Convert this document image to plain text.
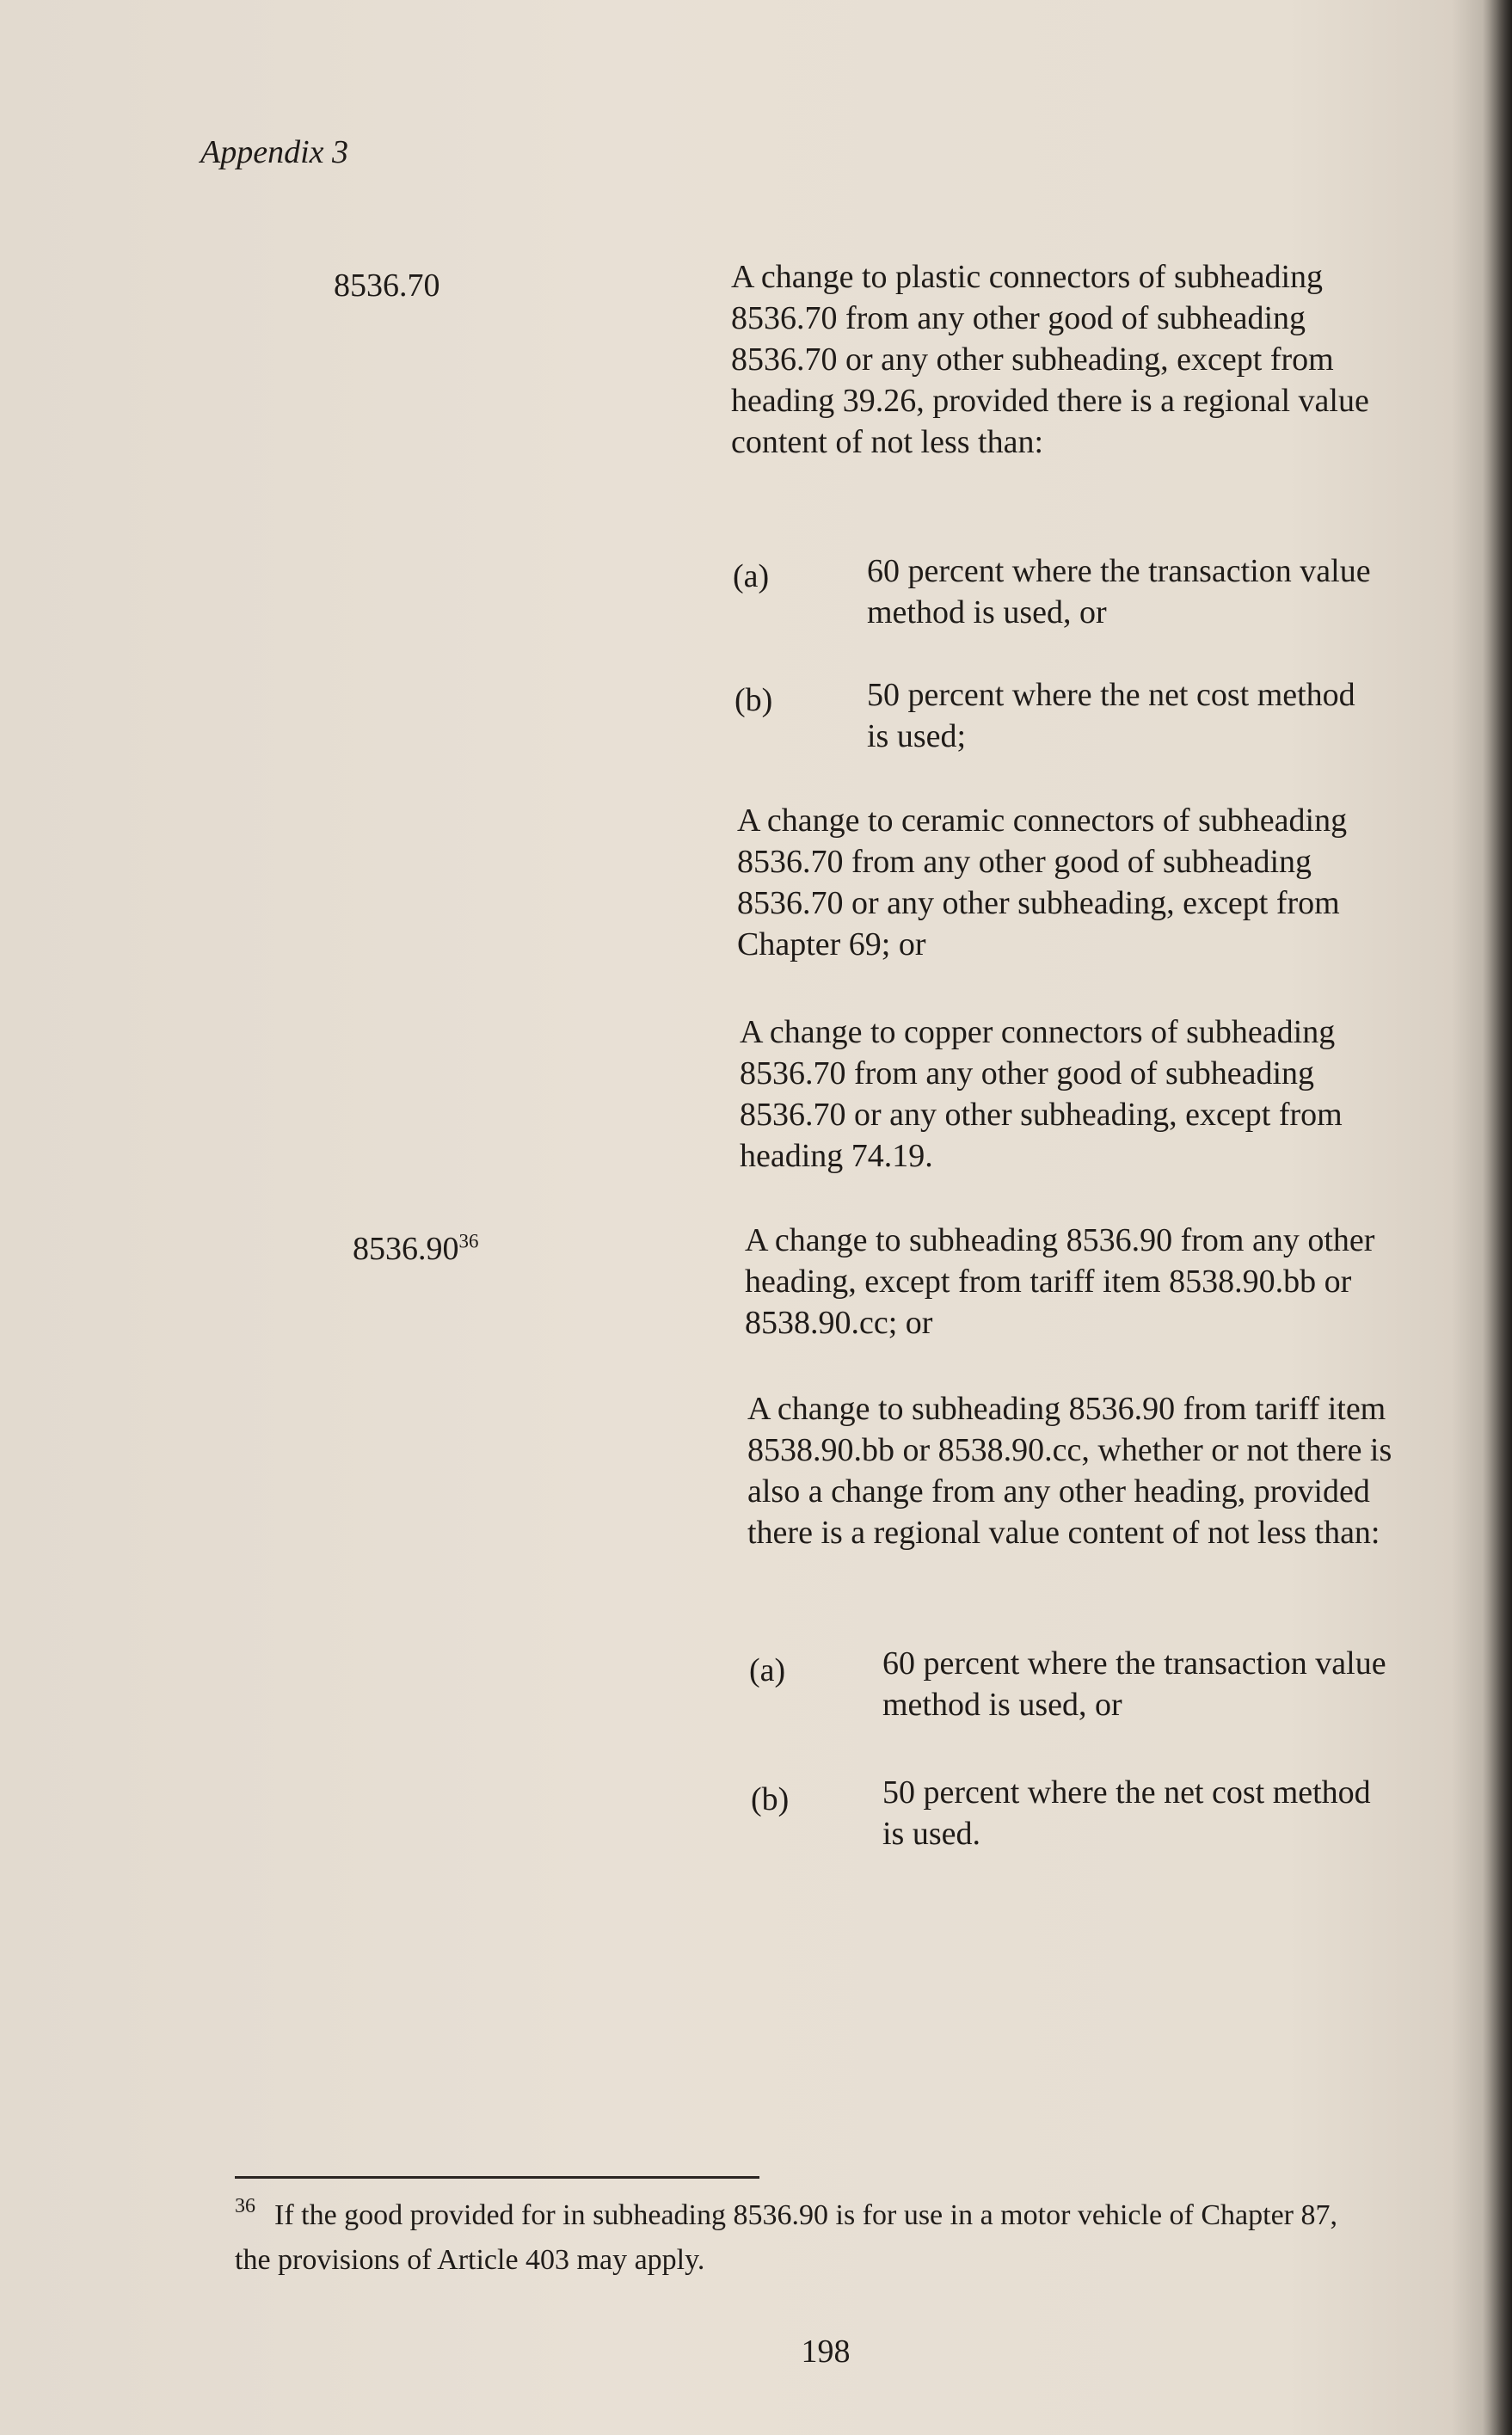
Appendix 3

8536.70	A change to plastic connectors of subheading 8536.70 from any other good of subheading 8536.70 or any other subheading, except from heading 39.26, provided there is a regional value content of not less than:

(a)	60 percent where the transaction value method is used, or

(b)	50 percent where the net cost method is used;

A change to ceramic connectors of subheading 8536.70 from any other good of subheading 8536.70 or any other subheading, except from Chapter 69; or

A change to copper connectors of subheading 8536.70 from any other good of subheading 8536.70 or any other subheading, except from heading 74.19.

8536.90$^{36}$	A change to subheading 8536.90 from any other heading, except from tariff item 8538.90.bb or 8538.90.cc; or

A change to subheading 8536.90 from tariff item 8538.90.bb or 8538.90.cc, whether or not there is also a change from any other heading, provided there is a regional value content of not less than:

(a)	60 percent where the transaction value method is used, or

(b)	50 percent where the net cost method is used.

36 If the good provided for in subheading 8536.90 is for use in a motor vehicle of Chapter 87, the provisions of Article 403 may apply.

198
